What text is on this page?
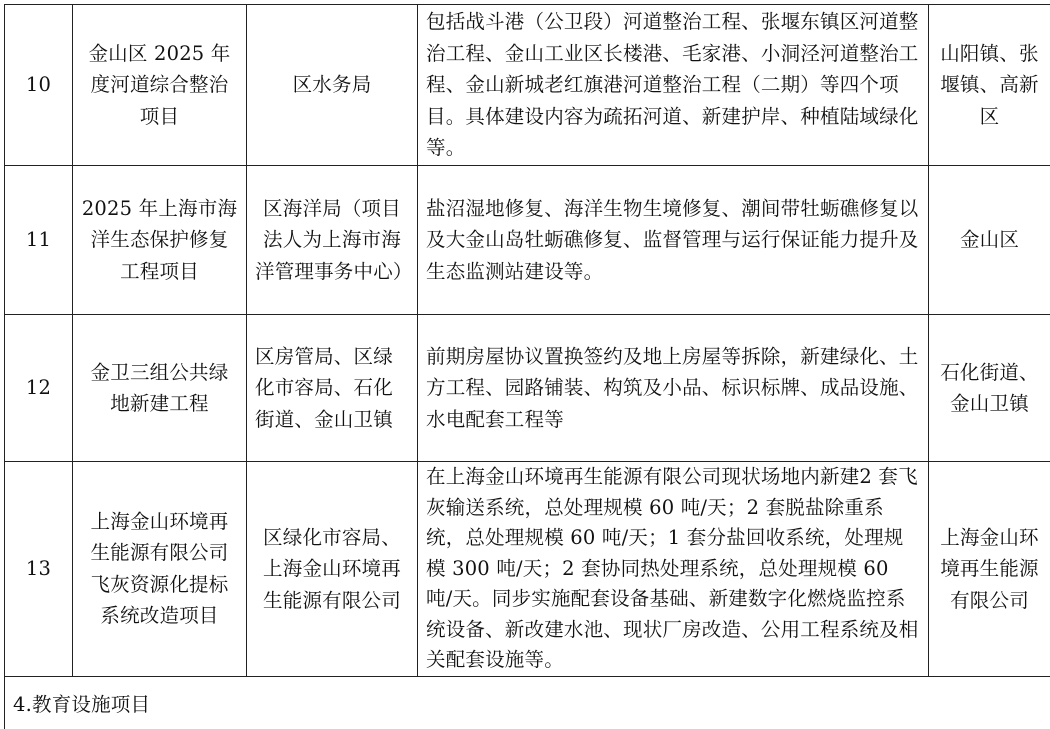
10	金山区 2025 年度河道综合整治项目	区水务局	包括战斗港（公卫段）河道整治工程、张堰东镇区河道整治工程、金山工业区长楼港、毛家港、小洞泾河道整治工程、金山新城老红旗港河道整治工程（二期）等四个项目。具体建设内容为疏拓河道、新建护岸、种植陆域绿化等。	山阳镇、张堰镇、高新区
11	2025 年上海市海洋生态保护修复工程项目	区海洋局（项目法人为上海市海洋管理事务中心）	盐沼湿地修复、海洋生物生境修复、潮间带牡蛎礁修复以及大金山岛牡蛎礁修复、监督管理与运行保证能力提升及生态监测站建设等。	金山区
12	金卫三组公共绿地新建工程	区房管局、区绿化市容局、石化街道、金山卫镇	前期房屋协议置换签约及地上房屋等拆除，新建绿化、土方工程、园路铺装、构筑及小品、标识标牌、成品设施、水电配套工程等	石化街道、金山卫镇
13	上海金山环境再生能源有限公司飞灰资源化提标系统改造项目	区绿化市容局、上海金山环境再生能源有限公司	在上海金山环境再生能源有限公司现状场地内新建2 套飞灰输送系统，总处理规模 60 吨/天；2 套脱盐除重系统，总处理规模 60 吨/天；1 套分盐回收系统，处理规模 300 吨/天；2 套协同热处理系统，总处理规模 60 吨/天。同步实施配套设备基础、新建数字化燃烧监控系统设备、新改建水池、现状厂房改造、公用工程系统及相关配套设施等。	上海金山环境再生能源有限公司
4.教育设施项目				
